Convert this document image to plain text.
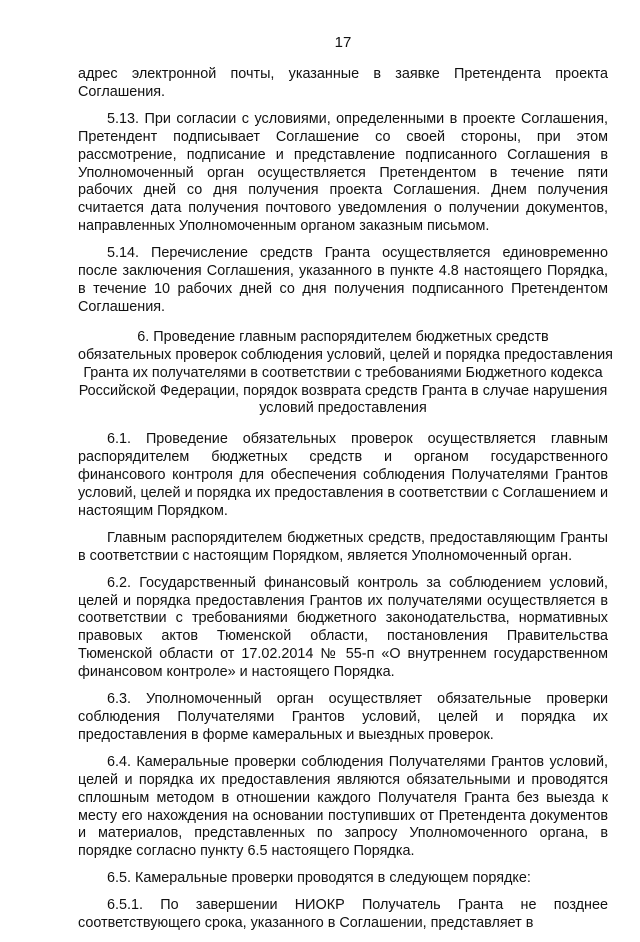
17

адрес электронной почты, указанные в заявке Претендента проекта Соглашения.

5.13. При согласии с условиями, определенными в проекте Соглашения, Претендент подписывает Соглашение со своей стороны, при этом рассмотрение, подписание и представление подписанного Соглашения в Уполномоченный орган осуществляется Претендентом в течение пяти рабочих дней со дня получения проекта Соглашения. Днем получения считается дата получения почтового уведомления о получении документов, направленных Уполномоченным органом заказным письмом.

5.14. Перечисление средств Гранта осуществляется единовременно после заключения Соглашения, указанного в пункте 4.8 настоящего Порядка, в течение 10 рабочих дней со дня получения подписанного Претендентом Соглашения.

6. Проведение главным распорядителем бюджетных средств
обязательных проверок соблюдения условий, целей и порядка предоставления
Гранта их получателями в соответствии с требованиями Бюджетного кодекса
Российской Федерации, порядок возврата средств Гранта в случае нарушения
условий предоставления

6.1. Проведение обязательных проверок осуществляется главным распорядителем бюджетных средств и органом государственного финансового контроля для обеспечения соблюдения Получателями Грантов условий, целей и порядка их предоставления в соответствии с Соглашением и настоящим Порядком.

Главным распорядителем бюджетных средств, предоставляющим Гранты в соответствии с настоящим Порядком, является Уполномоченный орган.

6.2. Государственный финансовый контроль за соблюдением условий, целей и порядка предоставления Грантов их получателями осуществляется в соответствии с требованиями бюджетного законодательства, нормативных правовых актов Тюменской области, постановления Правительства Тюменской области от 17.02.2014 № 55-п «О внутреннем государственном финансовом контроле» и настоящего Порядка.

6.3. Уполномоченный орган осуществляет обязательные проверки соблюдения Получателями Грантов условий, целей и порядка их предоставления в форме камеральных и выездных проверок.

6.4. Камеральные проверки соблюдения Получателями Грантов условий, целей и порядка их предоставления являются обязательными и проводятся сплошным методом в отношении каждого Получателя Гранта без выезда к месту его нахождения на основании поступивших от Претендента документов и материалов, представленных по запросу Уполномоченного органа, в порядке согласно пункту 6.5 настоящего Порядка.

6.5. Камеральные проверки проводятся в следующем порядке:

6.5.1. По завершении НИОКР Получатель Гранта не позднее соответствующего срока, указанного в Соглашении, представляет в
